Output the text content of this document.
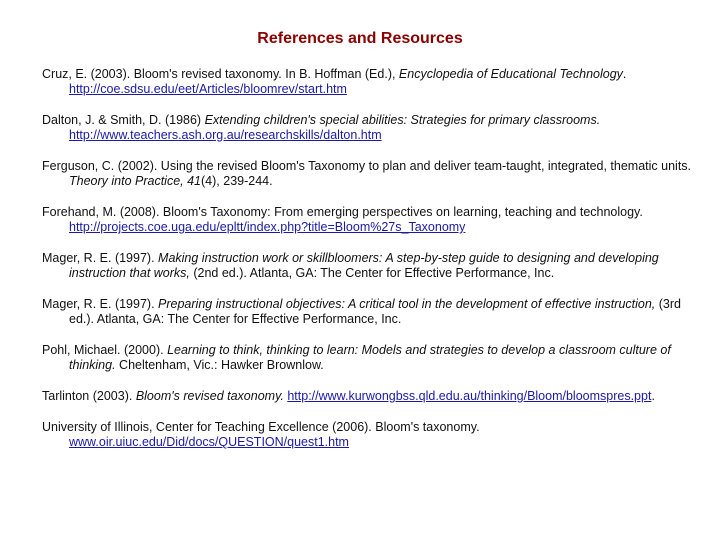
References and Resources

Cruz, E. (2003). Bloom's revised taxonomy. In B. Hoffman (Ed.), Encyclopedia of Educational Technology. http://coe.sdsu.edu/eet/Articles/bloomrev/start.htm

Dalton, J. & Smith, D. (1986) Extending children's special abilities: Strategies for primary classrooms. http://www.teachers.ash.org.au/researchskills/dalton.htm

Ferguson, C. (2002). Using the revised Bloom's Taxonomy to plan and deliver team-taught, integrated, thematic units. Theory into Practice, 41(4), 239-244.

Forehand, M. (2008). Bloom's Taxonomy: From emerging perspectives on learning, teaching and technology. http://projects.coe.uga.edu/epltt/index.php?title=Bloom%27s_Taxonomy

Mager, R. E. (1997). Making instruction work or skillbloomers: A step-by-step guide to designing and developing instruction that works, (2nd ed.). Atlanta, GA: The Center for Effective Performance, Inc.

Mager, R. E. (1997). Preparing instructional objectives: A critical tool in the development of effective instruction, (3rd ed.). Atlanta, GA: The Center for Effective Performance, Inc.

Pohl, Michael. (2000). Learning to think, thinking to learn: Models and strategies to develop a classroom culture of thinking. Cheltenham, Vic.: Hawker Brownlow.

Tarlinton (2003). Bloom's revised taxonomy. http://www.kurwongbss.qld.edu.au/thinking/Bloom/bloomspres.ppt.

University of Illinois, Center for Teaching Excellence (2006). Bloom's taxonomy. www.oir.uiuc.edu/Did/docs/QUESTION/quest1.htm
